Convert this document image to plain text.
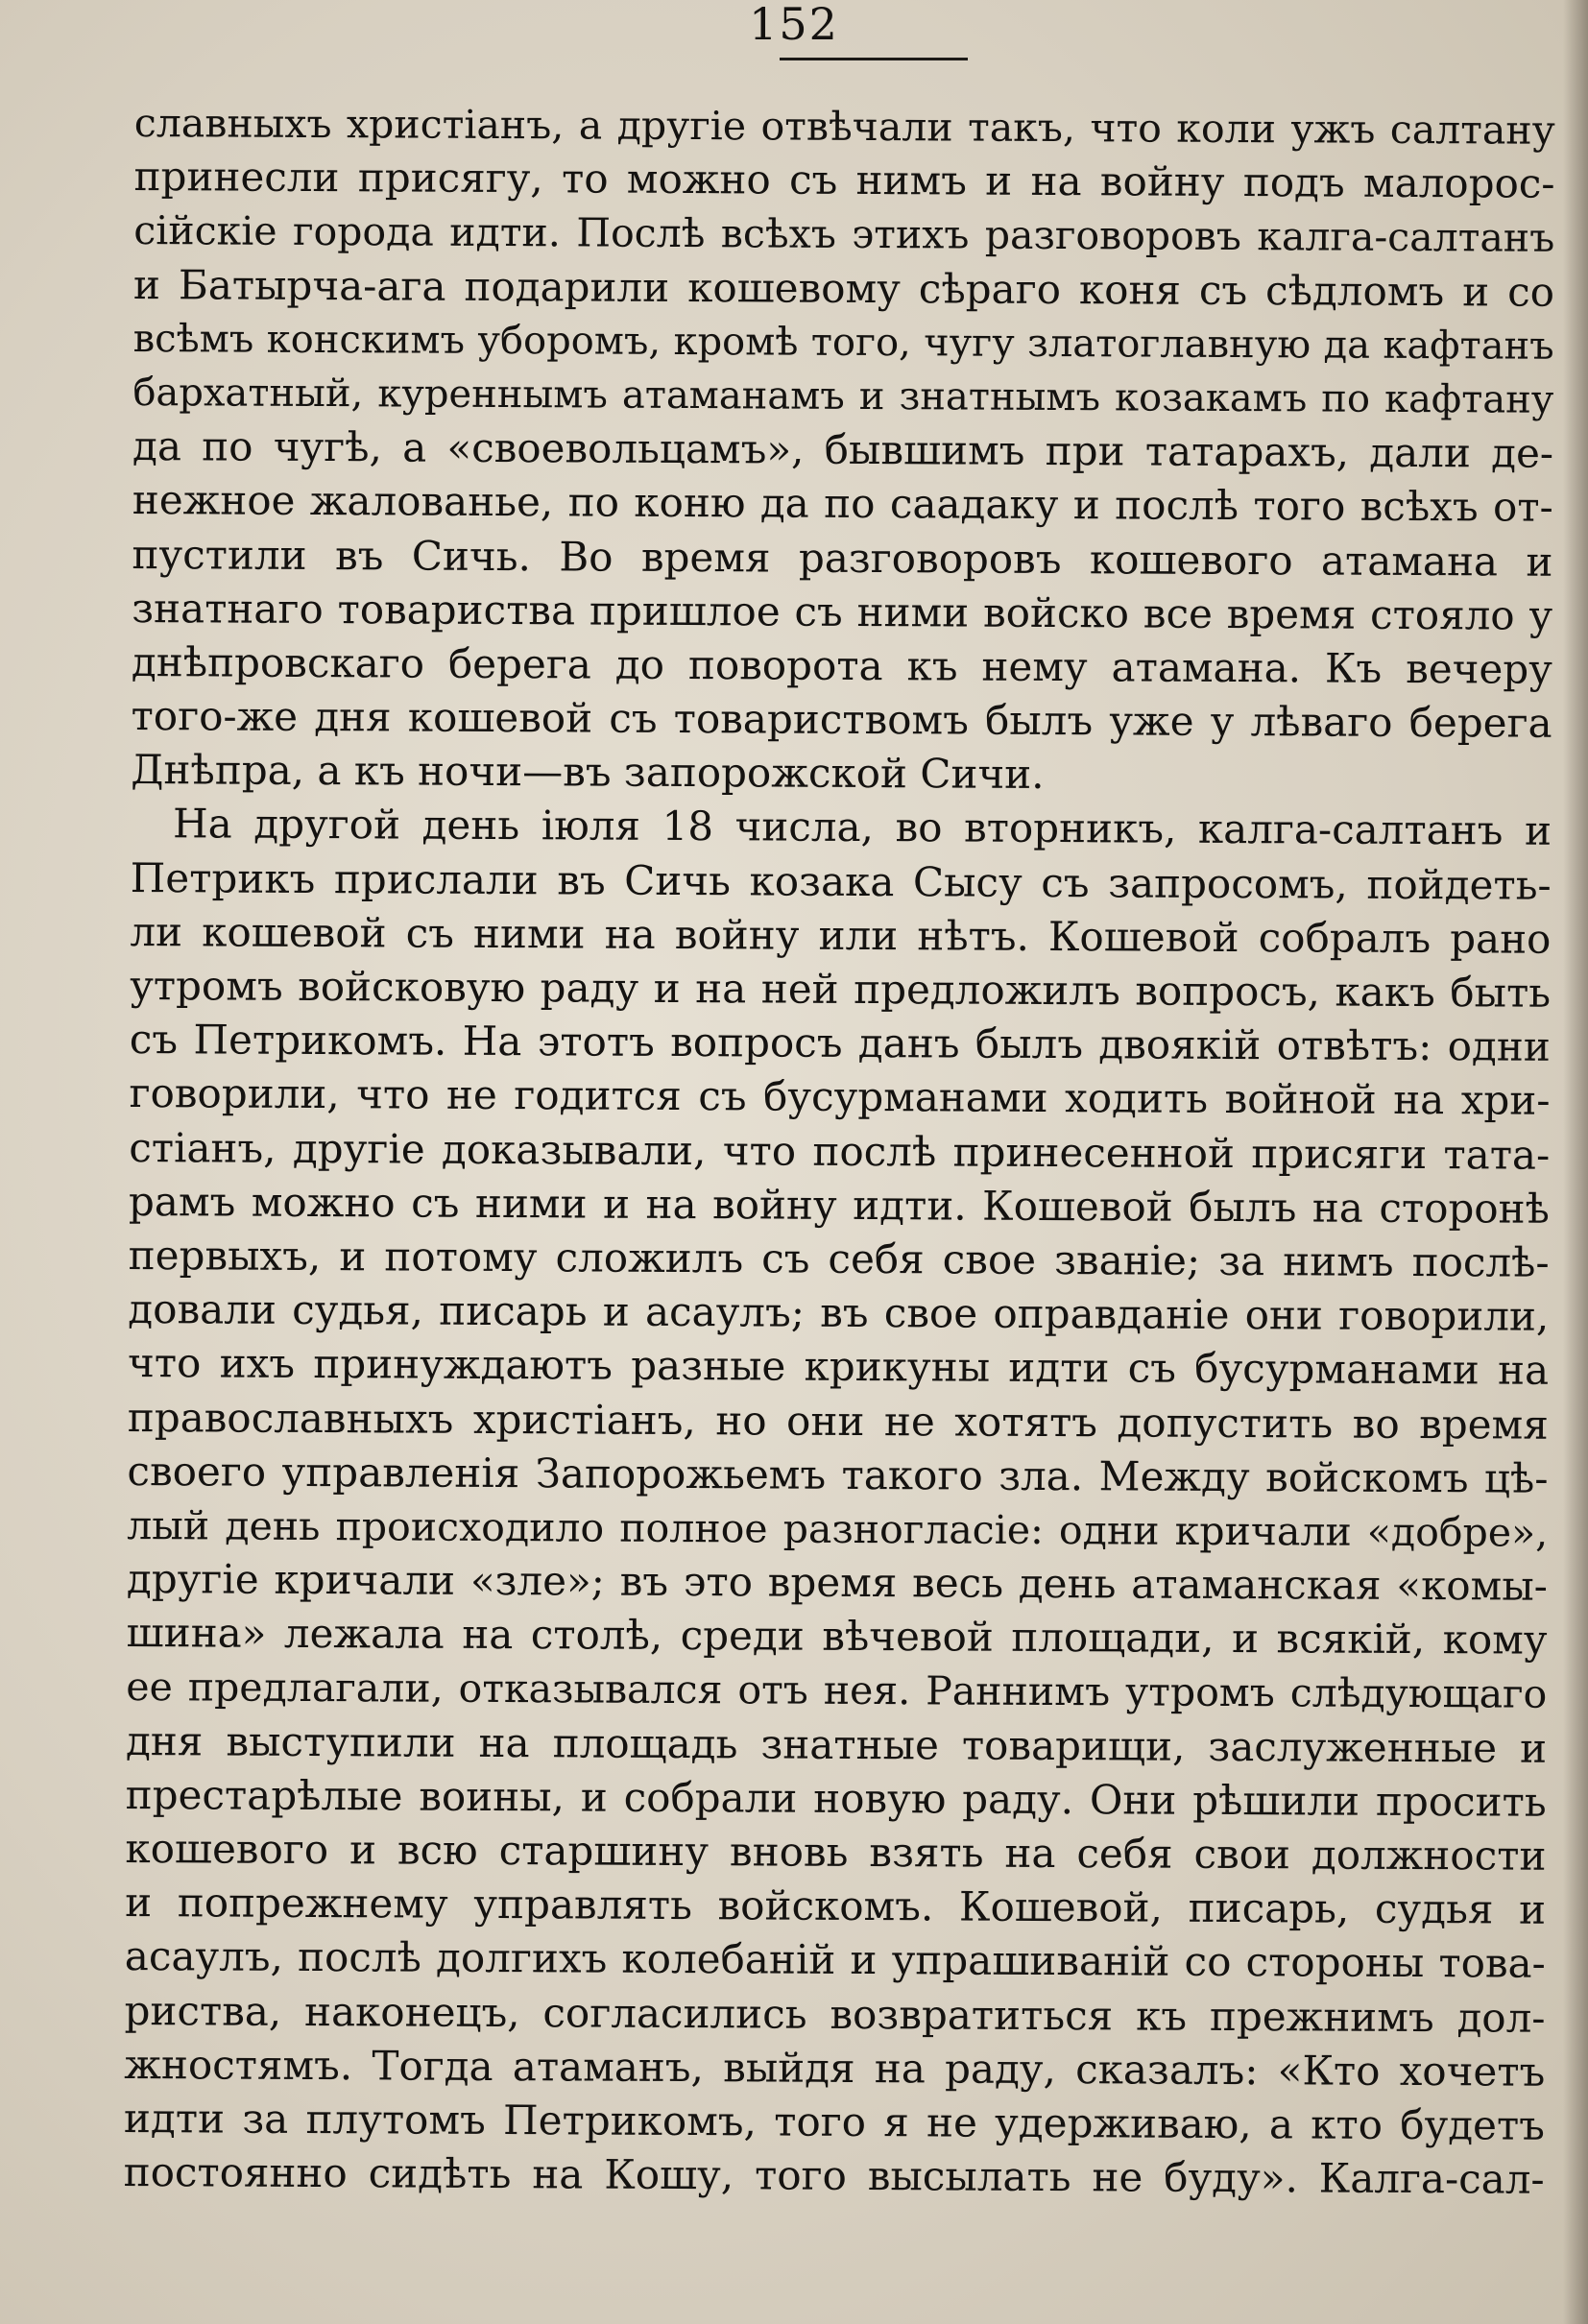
152
славныхъ христіанъ, а другіе отвѣчали такъ, что коли ужъ салтану
принесли присягу, то можно съ нимъ и на войну подъ малорос-
сійскіе города идти. Послѣ всѣхъ этихъ разговоровъ калга-салтанъ
и Батырча-ага подарили кошевому сѣраго коня съ сѣдломъ и со
всѣмъ конскимъ уборомъ, кромѣ того, чугу златоглавную да кафтанъ
бархатный, куреннымъ атаманамъ и знатнымъ козакамъ по кафтану
да по чугѣ, а «своевольцамъ», бывшимъ при татарахъ, дали де-
нежное жалованье, по коню да по саадаку и послѣ того всѣхъ от-
пустили въ Сичь. Во время разговоровъ кошевого атамана и
знатнаго товариства пришлое съ ними войско все время стояло у
днѣпровскаго берега до поворота къ нему атамана. Къ вечеру
того-же дня кошевой съ товариствомъ былъ уже у лѣваго берега
Днѣпра, а къ ночи—въ запорожской Сичи.
На другой день іюля 18 числа, во вторникъ, калга-салтанъ и
Петрикъ прислали въ Сичь козака Сысу съ запросомъ, пойдеть-
ли кошевой съ ними на войну или нѣтъ. Кошевой собралъ рано
утромъ войсковую раду и на ней предложилъ вопросъ, какъ быть
съ Петрикомъ. На этотъ вопросъ данъ былъ двоякій отвѣтъ: одни
говорили, что не годится съ бусурманами ходить войной на хри-
стіанъ, другіе доказывали, что послѣ принесенной присяги тата-
рамъ можно съ ними и на войну идти. Кошевой былъ на сторонѣ
первыхъ, и потому сложилъ съ себя свое званіе; за нимъ послѣ-
довали судья, писарь и асаулъ; въ свое оправданіе они говорили,
что ихъ принуждаютъ разные крикуны идти съ бусурманами на
православныхъ христіанъ, но они не хотятъ допустить во время
своего управленія Запорожьемъ такого зла. Между войскомъ цѣ-
лый день происходило полное разногласіе: одни кричали «добре»,
другіе кричали «зле»; въ это время весь день атаманская «комы-
шина» лежала на столѣ, среди вѣчевой площади, и всякій, кому
ее предлагали, отказывался отъ нея. Раннимъ утромъ слѣдующаго
дня выступили на площадь знатные товарищи, заслуженные и
престарѣлые воины, и собрали новую раду. Они рѣшили просить
кошевого и всю старшину вновь взять на себя свои должности
и попрежнему управлять войскомъ. Кошевой, писарь, судья и
асаулъ, послѣ долгихъ колебаній и упрашиваній со стороны това-
риства, наконецъ, согласились возвратиться къ прежнимъ дол-
жностямъ. Тогда атаманъ, выйдя на раду, сказалъ: «Кто хочетъ
идти за плутомъ Петрикомъ, того я не удерживаю, а кто будетъ
постоянно сидѣть на Кошу, того высылать не буду». Калга-сал-
